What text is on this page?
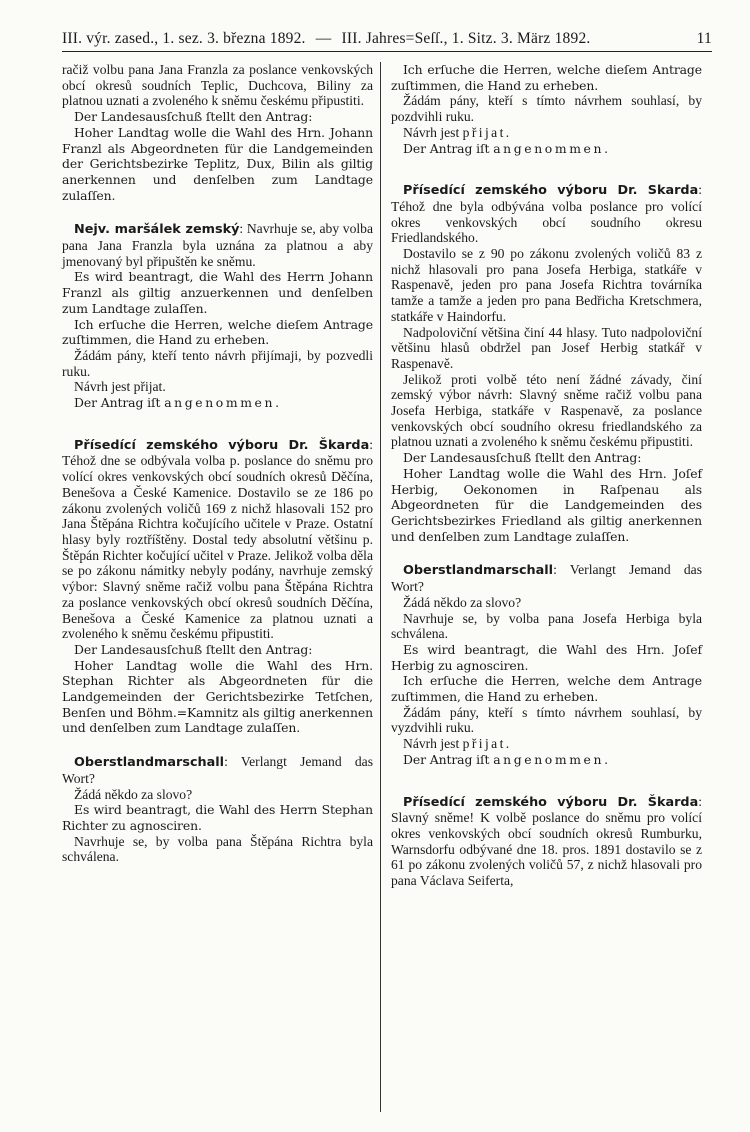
III. výr. zased., 1. sez. 3. března 1892. — III. Jahres=Seſſ., 1. Sitz. 3. März 1892.	11

račiž volbu pana Jana Franzla za poslance venkovských obcí okresů soudních Teplic, Duchcova, Biliny za platnou uznati a zvoleného k sněmu českému připustiti.

Der Landesausſchuß ſtellt den Antrag:

Hoher Landtag wolle die Wahl des Hrn. Johann Franzl als Abgeordneten für die Landgemeinden der Gerichtsbezirke Teplitz, Dux, Bilin als giltig anerkennen und denſelben zum Landtage zulaſſen.

Nejv. maršálek zemský: Navrhuje se, aby volba pana Jana Franzla byla uznána za platnou a aby jmenovaný byl připuštěn ke sněmu.

Es wird beantragt, die Wahl des Herrn Johann Franzl als giltig anzuerkennen und denſelben zum Landtage zulaſſen.

Ich erſuche die Herren, welche dieſem Antrage zuſtimmen, die Hand zu erheben.

Žádám pány, kteří tento návrh přijímaji, by pozvedli ruku.

Návrh jest přijat.

Der Antrag iſt angenommen.

Přísedící zemského výboru Dr. Škarda: Téhož dne se odbývala volba p. poslance do sněmu pro volící okres venkovských obcí soudních okresů Děčína, Benešova a České Kamenice. Dostavilo se ze 186 po zákonu zvolených voličů 169 z nichž hlasovali 152 pro Jana Štěpána Richtra kočujícího učitele v Praze. Ostatní hlasy byly roztříštěny. Dostal tedy absolutní většinu p. Štěpán Richter kočující učitel v Praze. Jelikož volba děla se po zákonu námitky nebyly podány, navrhuje zemský výbor: Slavný sněme račiž volbu pana Štěpána Richtra za poslance venkovských obcí okresů soudních Děčína, Benešova a České Kamenice za platnou uznati a zvoleného k sněmu českému připustiti.

Der Landesausſchuß ſtellt den Antrag:

Hoher Landtag wolle die Wahl des Hrn. Stephan Richter als Abgeordneten für die Landgemeinden der Gerichtsbezirke Tetſchen, Benſen und Böhm.=Kamnitz als giltig anerkennen und denſelben zum Landtage zulaſſen.

Oberstlandmarschall: Verlangt Jemand das Wort?

Žádá někdo za slovo?

Es wird beantragt, die Wahl des Herrn Stephan Richter zu agnosciren.

Navrhuje se, by volba pana Štěpána Richtra byla schválena.

Ich erſuche die Herren, welche dieſem Antrage zuſtimmen, die Hand zu erheben.

Žádám pány, kteří s tímto návrhem souhlasí, by pozdvihli ruku.

Návrh jest přijat.

Der Antrag iſt angenommen.

Přísedící zemského výboru Dr. Skarda: Téhož dne byla odbývána volba poslance pro volící okres venkovských obcí soudního okresu Friedlandského.

Dostavilo se z 90 po zákonu zvolených voličů 83 z nichž hlasovali pro pana Josefa Herbiga, statkáře v Raspenavě, jeden pro pana Josefa Richtra továrníka tamže a tamže a jeden pro pana Bedřicha Kretschmera, statkáře v Haindorfu.

Nadpoloviční většina činí 44 hlasy. Tuto nadpoloviční většinu hlasů obdržel pan Josef Herbig statkář v Raspenavě.

Jelikož proti volbě této není žádné závady, činí zemský výbor návrh: Slavný sněme račiž volbu pana Josefa Herbiga, statkáře v Raspenavě, za poslance venkovských obcí soudního okresu friedlandského za platnou uznati a zvoleného k sněmu českému připustiti.

Der Landesausſchuß ſtellt den Antrag:

Hoher Landtag wolle die Wahl des Hrn. Joſef Herbig, Oekonomen in Raſpenau als Abgeordneten für die Landgemeinden des Gerichtsbezirkes Friedland als giltig anerkennen und denſelben zum Landtage zulaſſen.

Oberstlandmarschall: Verlangt Jemand das Wort?

Žádá někdo za slovo?

Navrhuje se, by volba pana Josefa Herbiga byla schválena.

Es wird beantragt, die Wahl des Hrn. Joſef Herbig zu agnosciren.

Ich erſuche die Herren, welche dem Antrage zuſtimmen, die Hand zu erheben.

Žádám pány, kteří s tímto návrhem souhlasí, by vyzdvihli ruku.

Návrh jest přijat.

Der Antrag iſt angenommen.

Přísedící zemského výboru Dr. Škarda: Slavný sněme! K volbě poslance do sněmu pro volící okres venkovských obcí soudních okresů Rumburku, Warnsdorfu odbývané dne 18. pros. 1891 dostavilo se z 61 po zákonu zvolených voličů 57, z nichž hlasovali pro pana Václava Seiferta,
